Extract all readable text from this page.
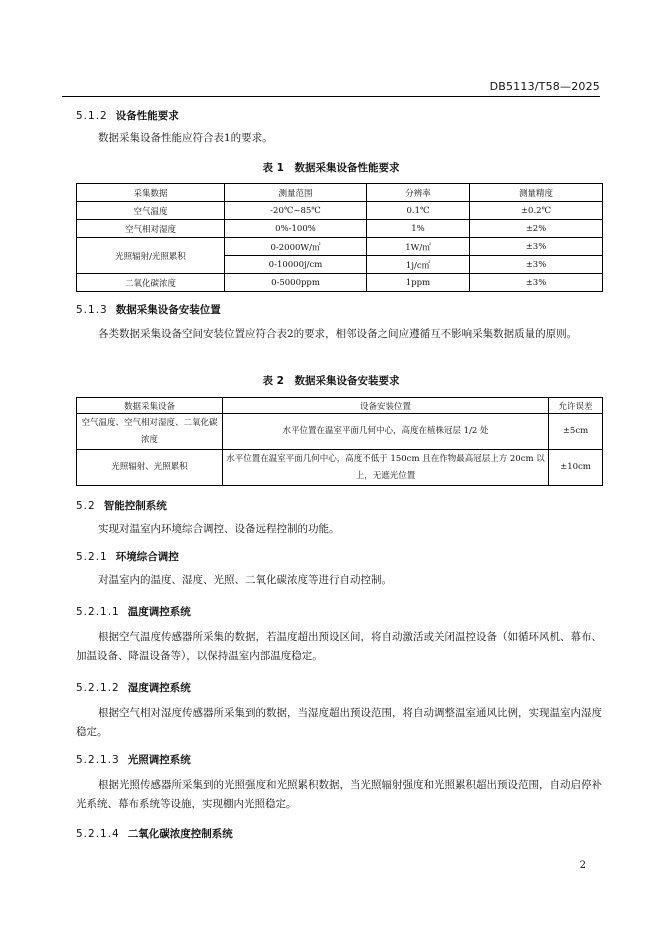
DB5113/T58—2025
5.1.2 设备性能要求
数据采集设备性能应符合表1的要求。
表 1　数据采集设备性能要求
采集数据	测量范围	分辨率	测量精度
空气温度	-20℃~85℃	0.1℃	±0.2℃
空气相对湿度	0%-100%	1%	±2%
光照辐射/光照累积	0-2000W/㎡	1W/㎡	±3%
	0-10000j/cm	1j/c㎡	±3%
二氧化碳浓度	0-5000ppm	1ppm	±3%
5.1.3 数据采集设备安装位置
各类数据采集设备空间安装位置应符合表2的要求，相邻设备之间应遵循互不影响采集数据质量的原则。
表 2　数据采集设备安装要求
数据采集设备	设备安装位置	允许误差
空气温度、空气相对湿度、二氧化碳浓度	水平位置在温室平面几何中心，高度在植株冠层 1/2 处	±5cm
光照辐射、光照累积	水平位置在温室平面几何中心，高度不低于 150cm 且在作物最高冠层上方 20cm 以上，无遮光位置	±10cm
5.2 智能控制系统
实现对温室内环境综合调控、设备远程控制的功能。
5.2.1 环境综合调控
对温室内的温度、湿度、光照、二氧化碳浓度等进行自动控制。
5.2.1.1 温度调控系统
根据空气温度传感器所采集的数据，若温度超出预设区间，将自动激活或关闭温控设备（如循环风机、幕布、加温设备、降温设备等），以保持温室内部温度稳定。
5.2.1.2 湿度调控系统
根据空气相对湿度传感器所采集到的数据，当湿度超出预设范围，将自动调整温室通风比例，实现温室内湿度稳定。
5.2.1.3 光照调控系统
根据光照传感器所采集到的光照强度和光照累积数据，当光照辐射强度和光照累积超出预设范围，自动启停补光系统、幕布系统等设施，实现棚内光照稳定。
5.2.1.4 二氧化碳浓度控制系统
2
